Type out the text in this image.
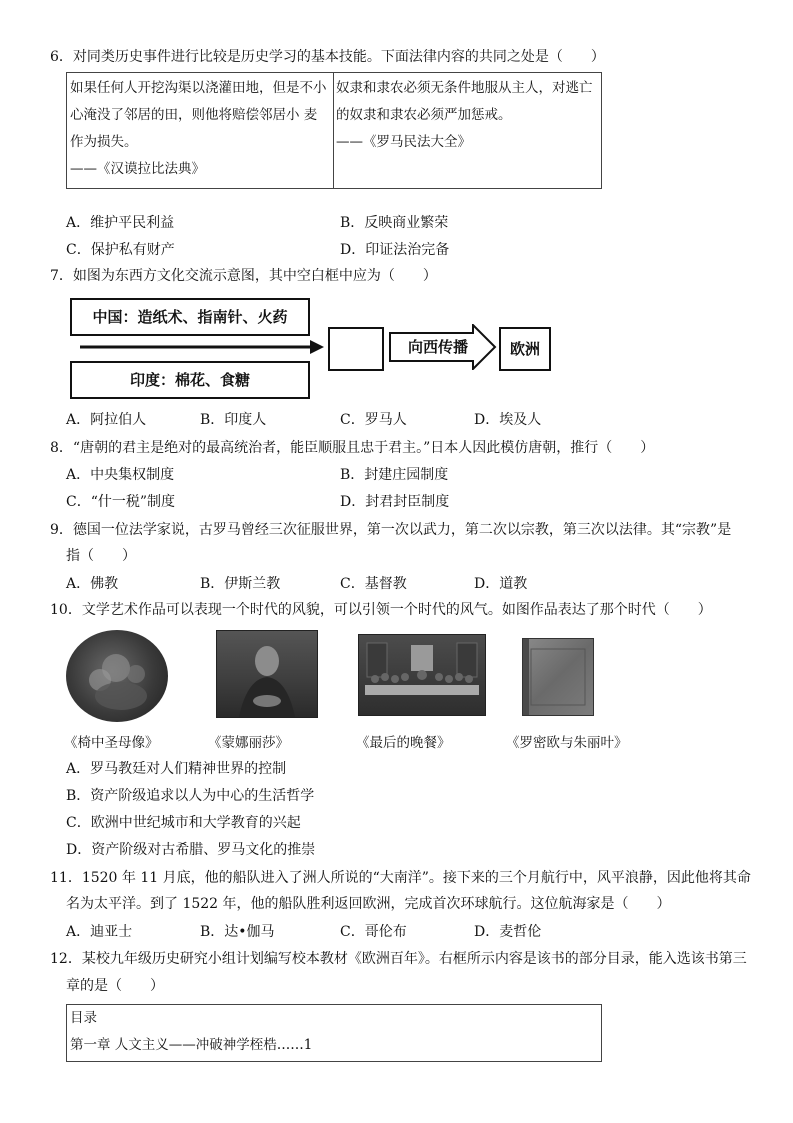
6．对同类历史事件进行比较是历史学习的基本技能。下面法律内容的共同之处是（　　）
如果任何人开挖沟渠以浇灌田地，但是不小
心淹没了邻居的田，则他将赔偿邻居小 麦
作为损失。
——《汉谟拉比法典》
奴隶和隶农必须无条件地服从主人，对逃亡
的奴隶和隶农必须严加惩戒。
——《罗马民法大全》
A．维护平民利益	B．反映商业繁荣
C．保护私有财产	D．印证法治完备
7．如图为东西方文化交流示意图，其中空白框中应为（　　）
中国：造纸术、指南针、火药
印度：棉花、食糖
向西传播	欧洲
A．阿拉伯人	B．印度人	C．罗马人	D．埃及人
8．“唐朝的君主是绝对的最高统治者，能臣顺服且忠于君主。”日本人因此模仿唐朝，推行（　　）
A．中央集权制度	B．封建庄园制度
C．“什一税”制度	D．封君封臣制度
9．德国一位法学家说，古罗马曾经三次征服世界，第一次以武力，第二次以宗教，第三次以法律。其“宗教”是
指（　　）
A．佛教	B．伊斯兰教	C．基督教	D．道教
10．文学艺术作品可以表现一个时代的风貌，可以引领一个时代的风气。如图作品表达了那个时代（　　）
《椅中圣母像》	《蒙娜丽莎》	《最后的晚餐》	《罗密欧与朱丽叶》
A．罗马教廷对人们精神世界的控制
B．资产阶级追求以人为中心的生活哲学
C．欧洲中世纪城市和大学教育的兴起
D．资产阶级对古希腊、罗马文化的推崇
11．1520 年 11 月底，他的船队进入了洲人所说的“大南洋”。接下来的三个月航行中，风平浪静，因此他将其命
名为太平洋。到了 1522 年，他的船队胜利返回欧洲，完成首次环球航行。这位航海家是（　　）
A．迪亚士	B．达•伽马	C．哥伦布	D．麦哲伦
12．某校九年级历史研究小组计划编写校本教材《欧洲百年》。右框所示内容是该书的部分目录，能入选该书第三
章的是（　　）
目录
第一章 人文主义——冲破神学桎梏……1
